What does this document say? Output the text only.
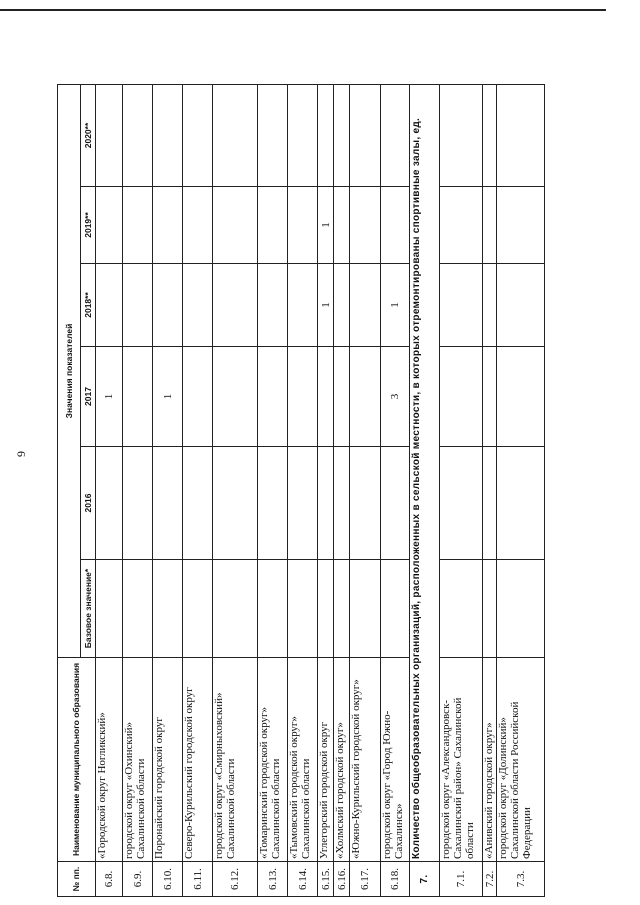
9
№ пп.	Наименование муниципального образования	Значения показателей					
		Базовое значение*	2016	2017	2018**	2019**	2020**
6.8.	«Городской округ Ногликский»			1			
6.9.	городской округ «Охинский» Сахалинской области						
6.10.	Поронайский городской округ			1			
6.11.	Северо-Курильский городской округ						
6.12.	городской округ «Смирныховский» Сахалинской области						
6.13.	«Томаринский городской округ» Сахалинской области						
6.14.	«Тымовский городской округ» Сахалинской области						
6.15.	Углегорский городской округ				1	1	
6.16.	«Холмский городской округ»						
6.17.	«Южно-Курильский городской округ»						
6.18.	городской округ «Город Южно-Сахалинск»			3	1		
7.	Количество общеобразовательных организаций, расположенных в сельской местности, в которых отремонтированы спортивные залы, ед.						
7.1.	городской округ «Александровск-Сахалинский район» Сахалинской области						
7.2.	«Анивский городской округ»						
7.3.	городской округ «Долинский» Сахалинской области Российской Федерации						
